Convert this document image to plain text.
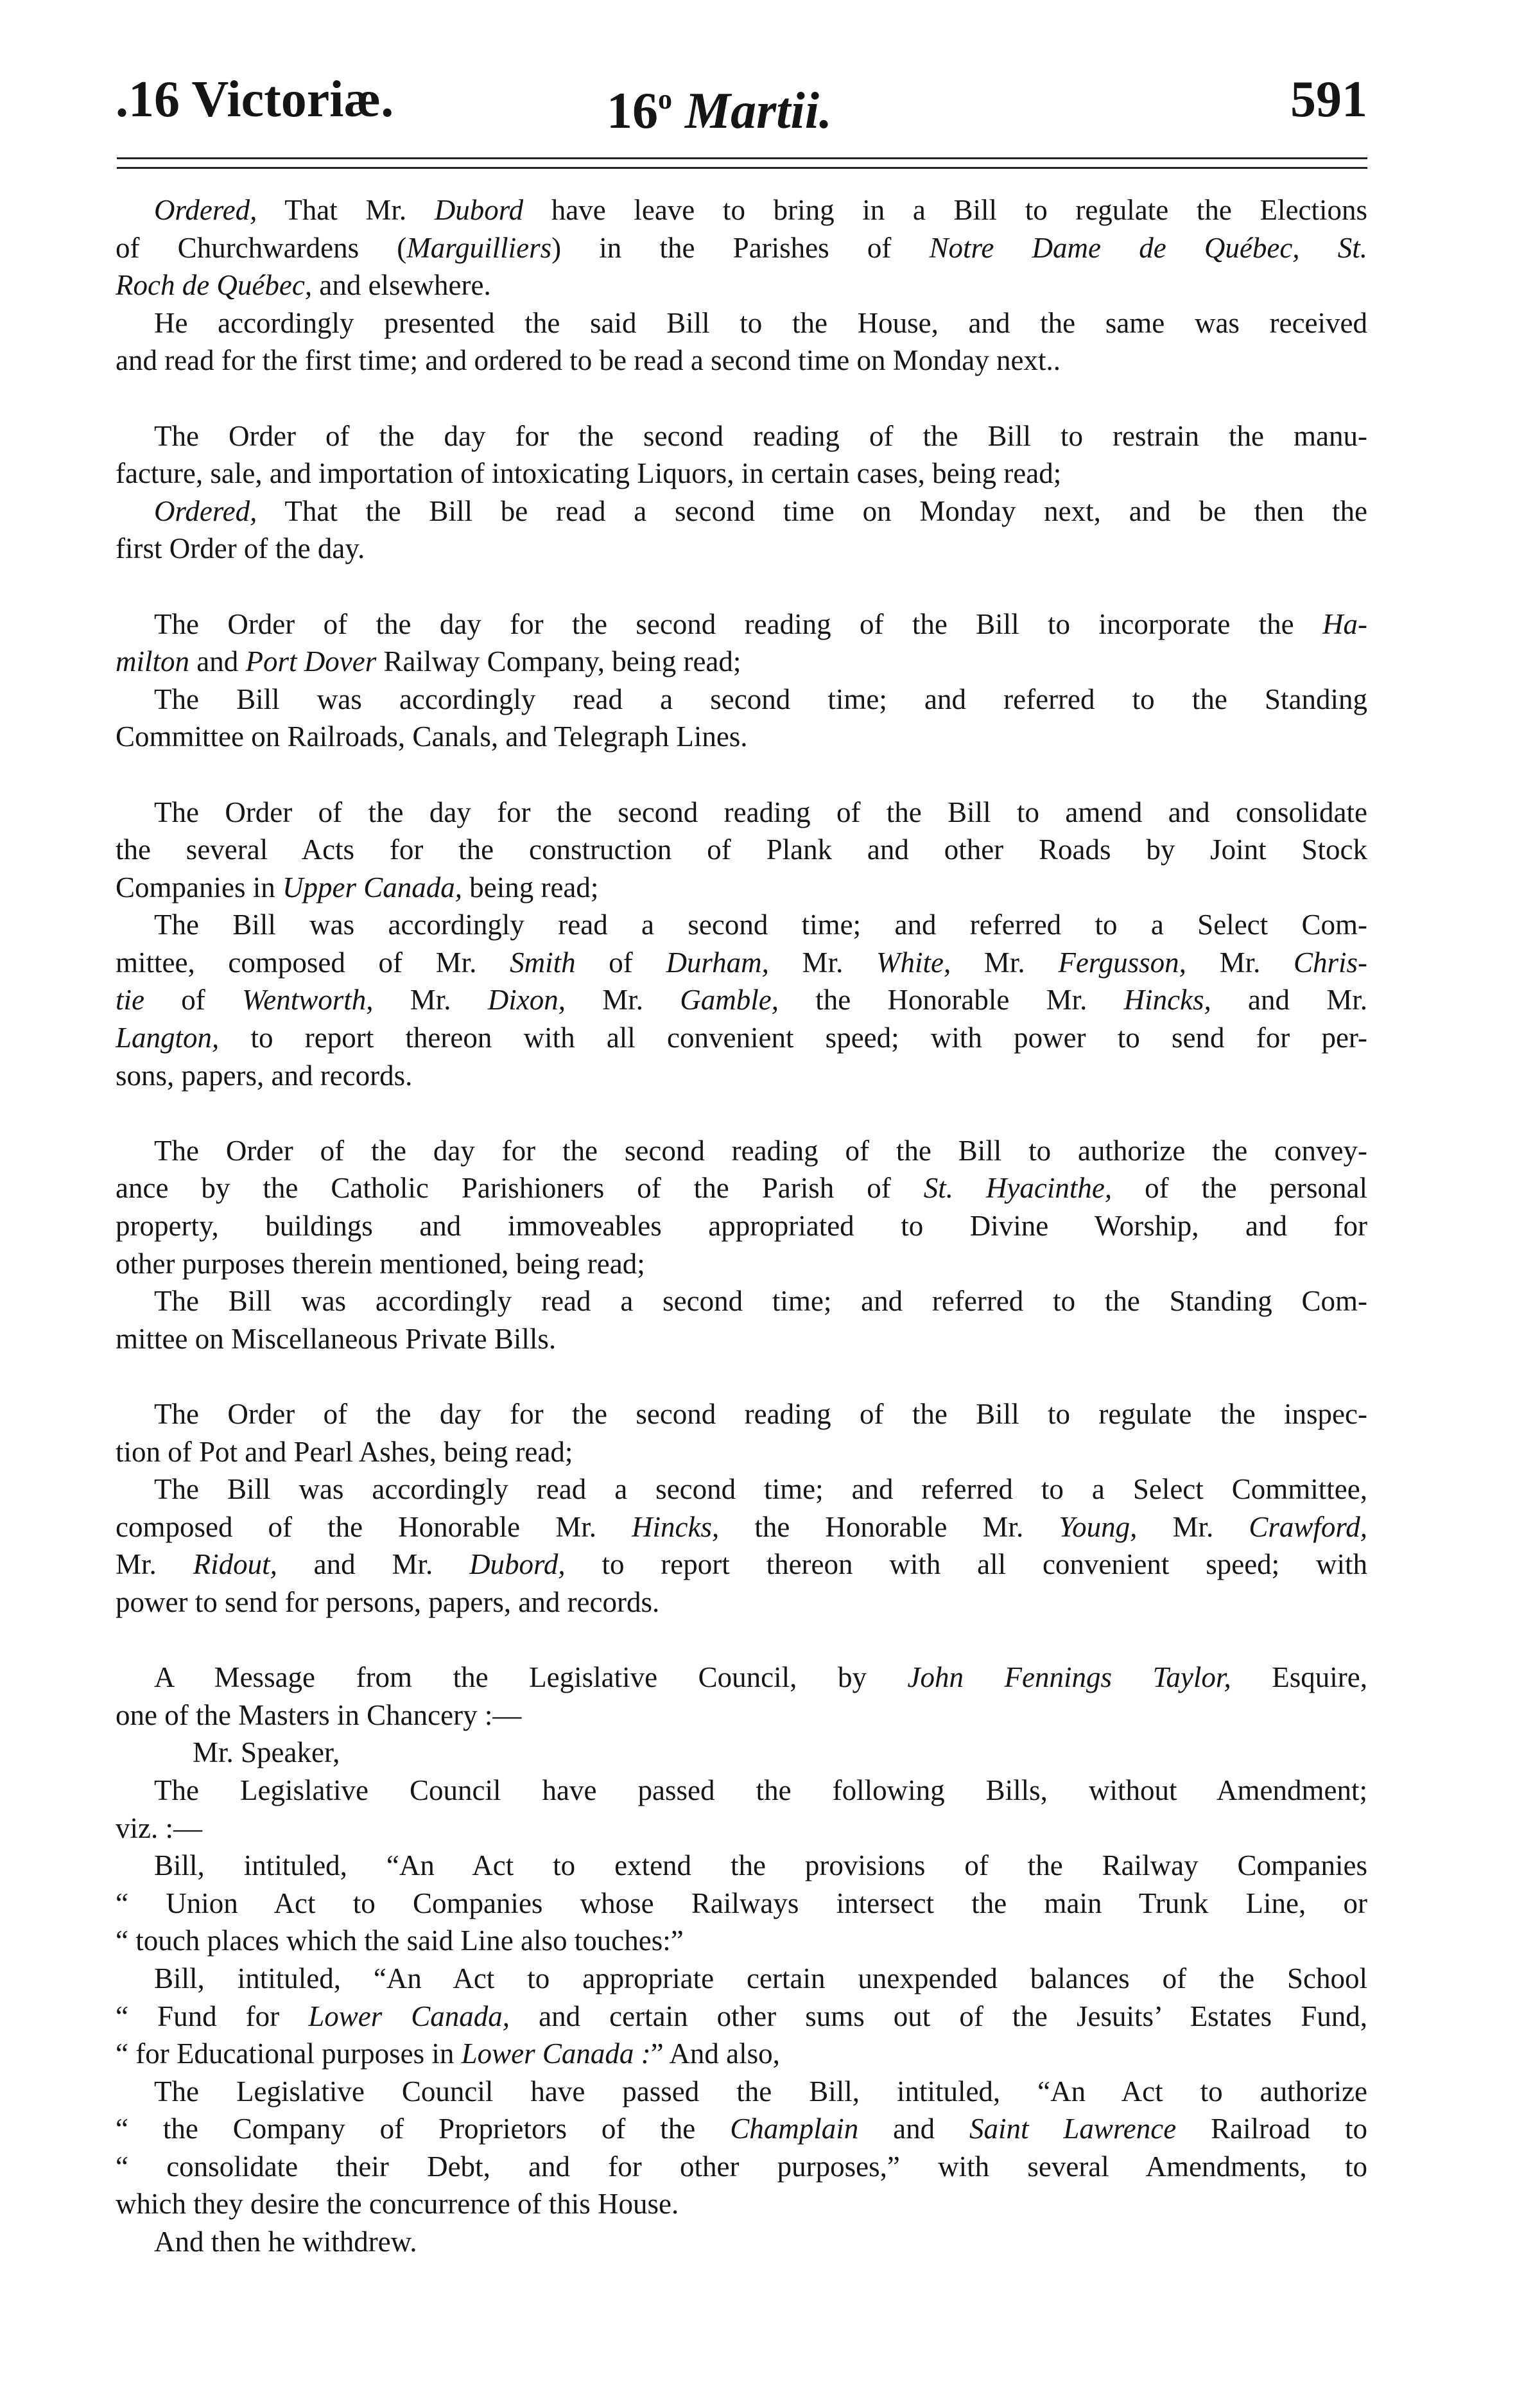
.16 Victoriæ.	16$^o$ Martii.	591
Ordered, That Mr. Dubord have leave to bring in a Bill to regulate the Elections
of Churchwardens (Marguilliers) in the Parishes of Notre Dame de Québec, St.
Roch de Québec, and elsewhere.
He accordingly presented the said Bill to the House, and the same was received
and read for the first time; and ordered to be read a second time on Monday next..
The Order of the day for the second reading of the Bill to restrain the manu-
facture, sale, and importation of intoxicating Liquors, in certain cases, being read;
Ordered, That the Bill be read a second time on Monday next, and be then the
first Order of the day.
The Order of the day for the second reading of the Bill to incorporate the Ha-
milton and Port Dover Railway Company, being read;
The Bill was accordingly read a second time; and referred to the Standing
Committee on Railroads, Canals, and Telegraph Lines.
The Order of the day for the second reading of the Bill to amend and consolidate
the several Acts for the construction of Plank and other Roads by Joint Stock
Companies in Upper Canada, being read;
The Bill was accordingly read a second time; and referred to a Select Com-
mittee, composed of Mr. Smith of Durham, Mr. White, Mr. Fergusson, Mr. Chris-
tie of Wentworth, Mr. Dixon, Mr. Gamble, the Honorable Mr. Hincks, and Mr.
Langton, to report thereon with all convenient speed; with power to send for per-
sons, papers, and records.
The Order of the day for the second reading of the Bill to authorize the convey-
ance by the Catholic Parishioners of the Parish of St. Hyacinthe, of the personal
property, buildings and immoveables appropriated to Divine Worship, and for
other purposes therein mentioned, being read;
The Bill was accordingly read a second time; and referred to the Standing Com-
mittee on Miscellaneous Private Bills.
The Order of the day for the second reading of the Bill to regulate the inspec-
tion of Pot and Pearl Ashes, being read;
The Bill was accordingly read a second time; and referred to a Select Committee,
composed of the Honorable Mr. Hincks, the Honorable Mr. Young, Mr. Crawford,
Mr. Ridout, and Mr. Dubord, to report thereon with all convenient speed; with
power to send for persons, papers, and records.
A Message from the Legislative Council, by John Fennings Taylor, Esquire,
one of the Masters in Chancery :—
Mr. Speaker,
The Legislative Council have passed the following Bills, without Amendment;
viz. :—
Bill, intituled, “An Act to extend the provisions of the Railway Companies
“ Union Act to Companies whose Railways intersect the main Trunk Line, or
“ touch places which the said Line also touches:”
Bill, intituled, “An Act to appropriate certain unexpended balances of the School
“ Fund for Lower Canada, and certain other sums out of the Jesuits’ Estates Fund,
“ for Educational purposes in Lower Canada :” And also,
The Legislative Council have passed the Bill, intituled, “An Act to authorize
“ the Company of Proprietors of the Champlain and Saint Lawrence Railroad to
“ consolidate their Debt, and for other purposes,” with several Amendments, to
which they desire the concurrence of this House.
And then he withdrew.
